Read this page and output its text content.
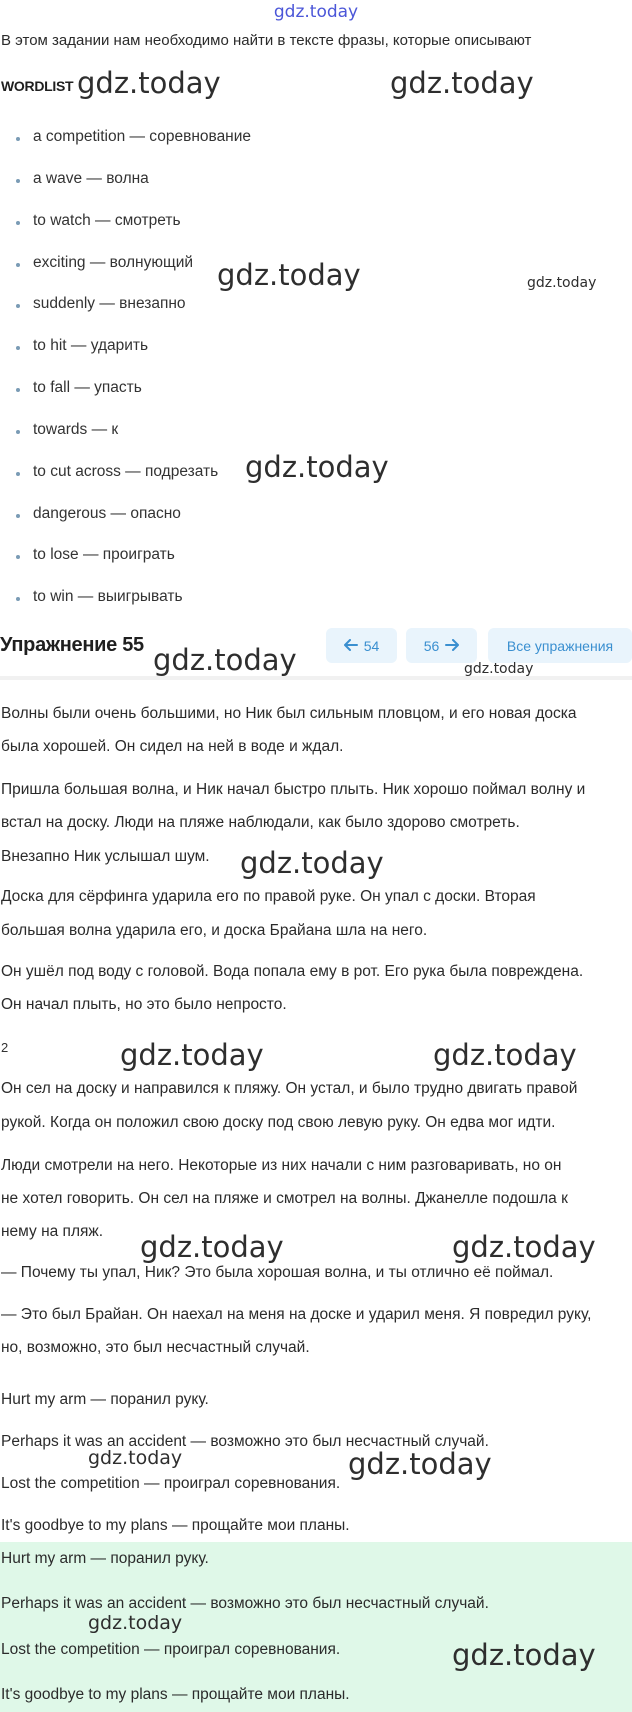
gdz.today
В этом задании нам необходимо найти в тексте фразы, которые описывают
WORDLIST
a competition — соревнование
a wave — волна
to watch — смотреть
exciting — волнующий
suddenly — внезапно
to hit — ударить
to fall — упасть
towards — к
to cut across — подрезать
dangerous — опасно
to lose — проиграть
to win — выигрывать
Упражнение 55	54	56	Все упражнения
Волны были очень большими, но Ник был сильным пловцом, и его новая доска
была хорошей. Он сидел на ней в воде и ждал.
Пришла большая волна, и Ник начал быстро плыть. Ник хорошо поймал волну и
встал на доску. Люди на пляже наблюдали, как было здорово смотреть.
Внезапно Ник услышал шум.
Доска для сёрфинга ударила его по правой руке. Он упал с доски. Вторая
большая волна ударила его, и доска Брайана шла на него.
Он ушёл под воду с головой. Вода попала ему в рот. Его рука была повреждена.
Он начал плыть, но это было непросто.
2
Он сел на доску и направился к пляжу. Он устал, и было трудно двигать правой
рукой. Когда он положил свою доску под свою левую руку. Он едва мог идти.
Люди смотрели на него. Некоторые из них начали с ним разговаривать, но он
не хотел говорить. Он сел на пляже и смотрел на волны. Джанелле подошла к
нему на пляж.
— Почему ты упал, Ник? Это была хорошая волна, и ты отлично её поймал.
— Это был Брайан. Он наехал на меня на доске и ударил меня. Я повредил руку,
но, возможно, это был несчастный случай.
Hurt my arm — поранил руку.
Perhaps it was an accident — возможно это был несчастный случай.
Lost the competition — проиграл соревнования.
It's goodbye to my plans — прощайте мои планы.
Hurt my arm — поранил руку.
Perhaps it was an accident — возможно это был несчастный случай.
Lost the competition — проиграл соревнования.
It's goodbye to my plans — прощайте мои планы.
gdz.today	gdz.today
gdz.today	gdz.today
gdz.today
gdz.today	gdz.today
gdz.today
gdz.today	gdz.today
gdz.today	gdz.today
gdz.today	gdz.today
gdz.today
gdz.today
